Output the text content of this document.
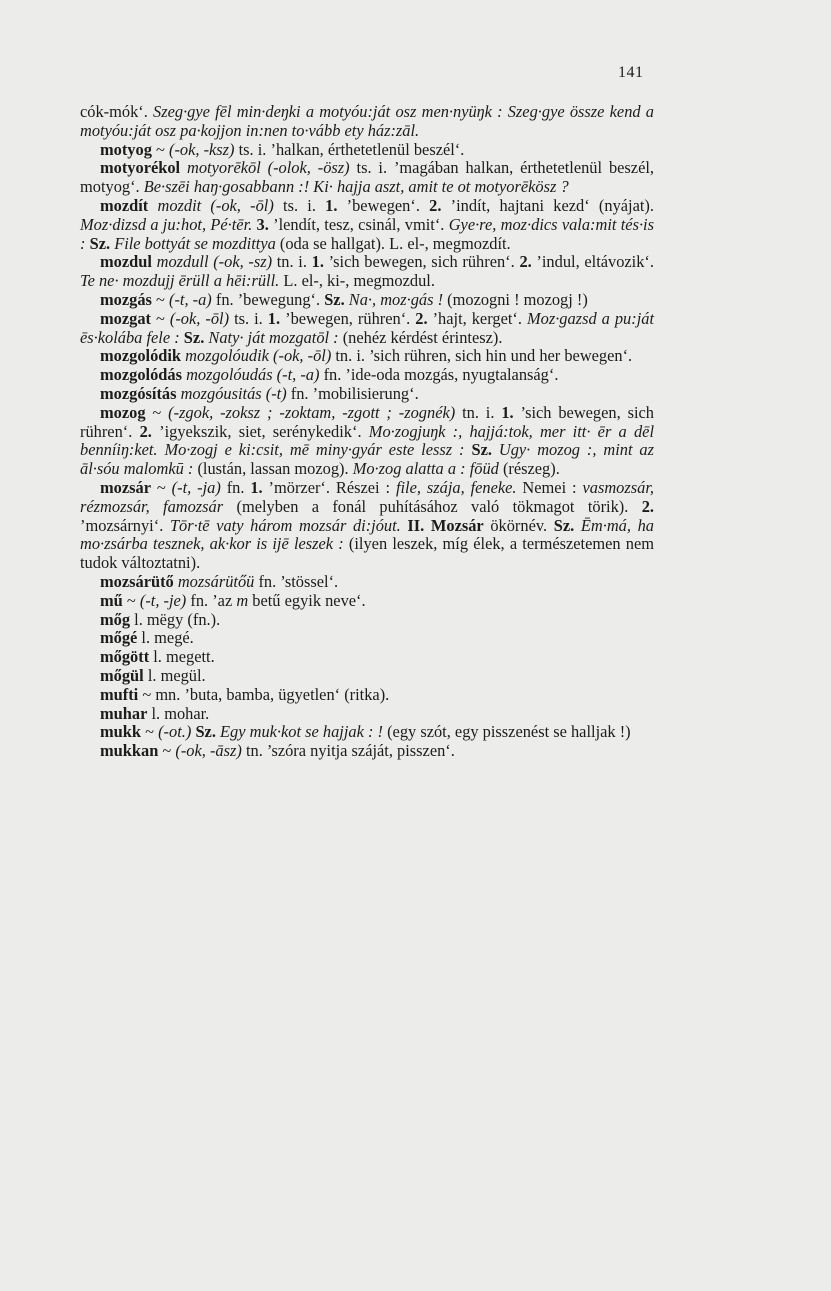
141

cók-mók‘. Szeg·gye fēl min·deŋki a motyóu:ját osz men·nyüŋk : Szeg·gye össze kend a motyóu:ját osz pa·kojjon in:nen to·vább ety ház:zāl.

motyog ~ (-ok, -ksz) ts. i. ’halkan, érthetetlenül beszél‘.

motyorékol motyorēkōl (-olok, -ösz) ts. i. ’magában halkan, érthetetlenül beszél, motyog‘. Be·szēi haŋ·gosabbann :! Ki· hajja aszt, amit te ot motyorēkösz ?

mozdít mozdit (-ok, -ōl) ts. i. 1. ’bewegen‘. 2. ’indít, hajtani kezd‘ (nyájat). Moz·dizsd a ju:hot, Pé·tēr. 3. ’lendít, tesz, csinál, vmit‘. Gye·re, moz·dics vala:mit tés·is : Sz. File bottyát se mozdittya (oda se hallgat). L. el-, megmozdít.

mozdul mozdull (-ok, -sz) tn. i. 1. ’sich bewegen, sich rühren‘. 2. ’indul, eltávozik‘. Te ne· mozdujj ērüll a hēi:rüll. L. el-, ki-, megmozdul.

mozgás ~ (-t, -a) fn. ’bewegung‘. Sz. Na·, moz·gás ! (mozogni ! mozogj !)

mozgat ~ (-ok, -ōl) ts. i. 1. ’bewegen, rühren‘. 2. ’hajt, kerget‘. Moz·gazsd a pu:ját ēs·kolába fele : Sz. Naty· ját mozgatōl : (nehéz kérdést érintesz).

mozgolódik mozgolóudik (-ok, -ōl) tn. i. ’sich rühren, sich hin und her bewegen‘.

mozgolódás mozgolóudás (-t, -a) fn. ’ide-oda mozgás, nyugtalanság‘.

mozgósítás mozgóusitás (-t) fn. ’mobilisierung‘.

mozog ~ (-zgok, -zoksz ; -zoktam, -zgott ; -zognék) tn. i. 1. ’sich bewegen, sich rühren‘. 2. ’igyekszik, siet, serénykedik‘. Mo·zogjuŋk :, hajjá:tok, mer itt· ēr a dēl benníiŋ:ket. Mo·zogj e ki:csit, mē miny·gyár este lessz : Sz. Ugy· mozog :, mint az āl·sóu malomkū : (lustán, lassan mozog). Mo·zog alatta a : fōüd (részeg).

mozsár ~ (-t, -ja) fn. 1. ’mörzer‘. Részei : file, szája, feneke. Nemei : vasmozsár, rézmozsár, famozsár (melyben a fonál puhításához való tökmagot törik). 2. ’mozsárnyi‘. Tōr·tē vaty három mozsár di:jóut. II. Mozsár ökörnév. Sz. Ēm·má, ha mo·zsárba tesznek, ak·kor is ijē leszek : (ilyen leszek, míg élek, a természetemen nem tudok változtatni).

mozsárütő mozsárütőü fn. ’stössel‘.

mű ~ (-t, -je) fn. ’az m betű egyik neve‘.

mőg l. mëgy (fn.).

mőgé l. megé.

mőgött l. megett.

mőgül l. megül.

mufti ~ mn. ’buta, bamba, ügyetlen‘ (ritka).

muhar l. mohar.

mukk ~ (-ot.) Sz. Egy muk·kot se hajjak : ! (egy szót, egy pisszenést se halljak !)

mukkan ~ (-ok, -āsz) tn. ’szóra nyitja száját, pisszen‘.
